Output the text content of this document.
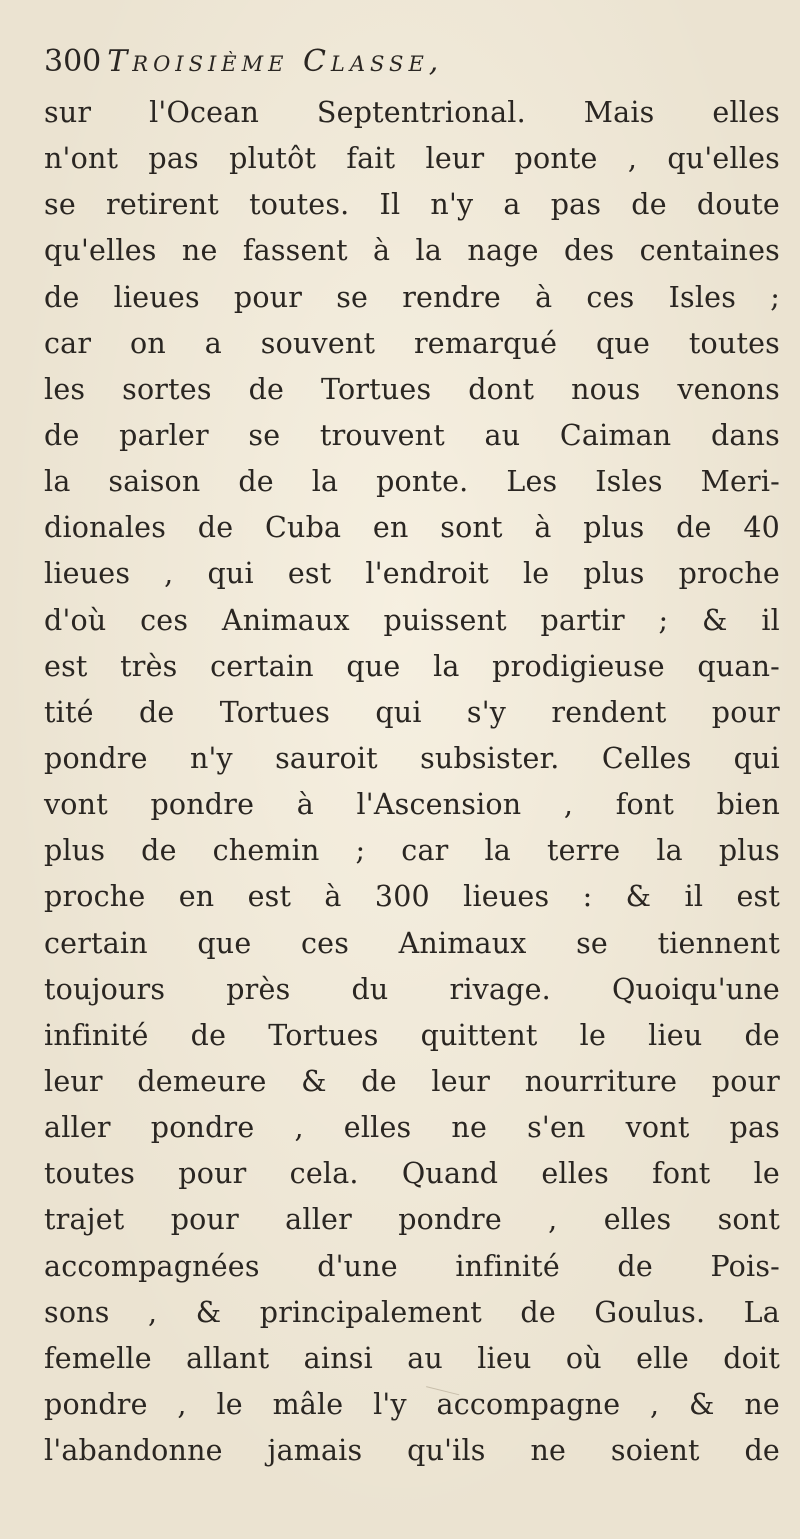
300 Troisième Classe,
sur l'Ocean Septentrional. Mais elles
n'ont pas plutôt fait leur ponte , qu'elles
se retirent toutes. Il n'y a pas de doute
qu'elles ne fassent à la nage des centaines
de lieues pour se rendre à ces Isles ;
car on a souvent remarqué que toutes
les sortes de Tortues dont nous venons
de parler se trouvent au Caiman dans
la saison de la ponte. Les Isles Meri-
dionales de Cuba en sont à plus de 40
lieues , qui est l'endroit le plus proche
d'où ces Animaux puissent partir ; & il
est très certain que la prodigieuse quan-
tité de Tortues qui s'y rendent pour
pondre n'y sauroit subsister. Celles qui
vont pondre à l'Ascension , font bien
plus de chemin ; car la terre la plus
proche en est à 300 lieues : & il est
certain que ces Animaux se tiennent
toujours près du rivage. Quoiqu'une
infinité de Tortues quittent le lieu de
leur demeure & de leur nourriture pour
aller pondre , elles ne s'en vont pas
toutes pour cela. Quand elles font le
trajet pour aller pondre , elles sont
accompagnées d'une infinité de Pois-
sons , & principalement de Goulus. La
femelle allant ainsi au lieu où elle doit
pondre , le mâle l'y accompagne , & ne
l'abandonne jamais qu'ils ne soient de
